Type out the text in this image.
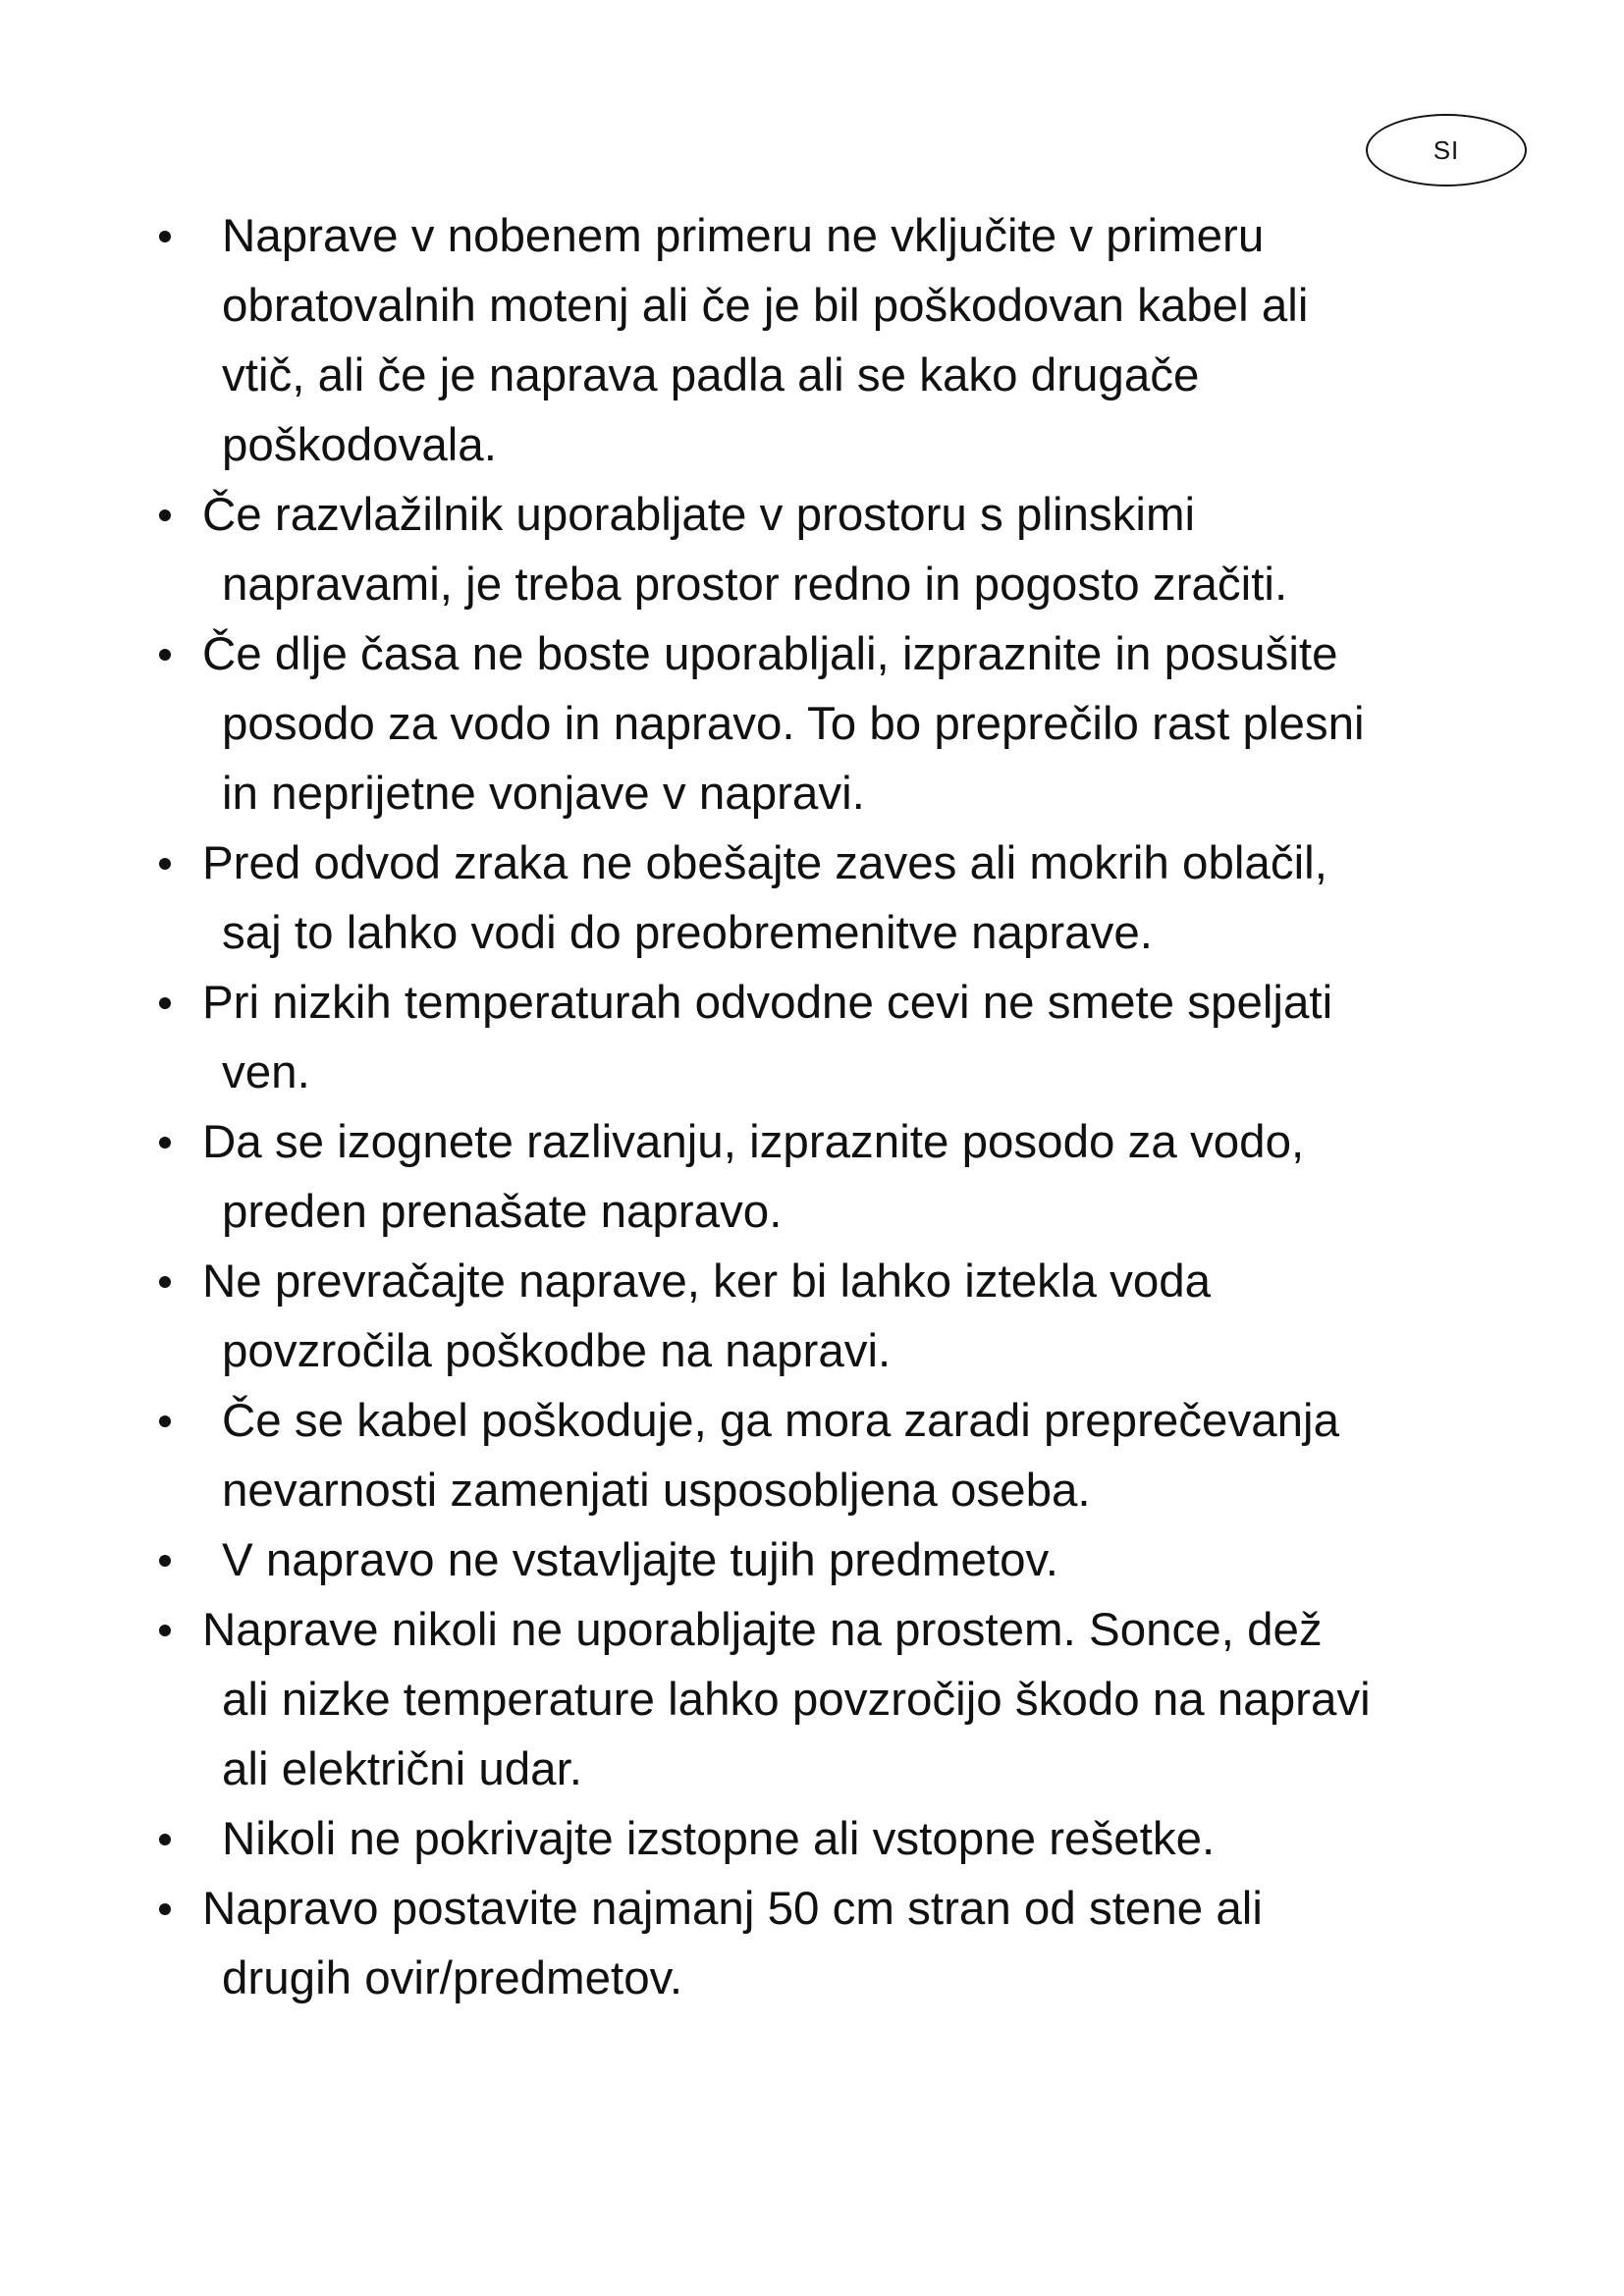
SI
Naprave v nobenem primeru ne vključite v primeru
obratovalnih motenj ali če je bil poškodovan kabel ali
vtič, ali če je naprava padla ali se kako drugače
poškodovala.
Če razvlažilnik uporabljate v prostoru s plinskimi
napravami, je treba prostor redno in pogosto zračiti.
Če dlje časa ne boste uporabljali, izpraznite in posušite
posodo za vodo in napravo. To bo preprečilo rast plesni
in neprijetne vonjave v napravi.
Pred odvod zraka ne obešajte zaves ali mokrih oblačil,
saj to lahko vodi do preobremenitve naprave.
Pri nizkih temperaturah odvodne cevi ne smete speljati
ven.
Da se izognete razlivanju, izpraznite posodo za vodo,
preden prenašate napravo.
Ne prevračajte naprave, ker bi lahko iztekla voda
povzročila poškodbe na napravi.
Če se kabel poškoduje, ga mora zaradi preprečevanja
nevarnosti zamenjati usposobljena oseba.
V napravo ne vstavljajte tujih predmetov.
Naprave nikoli ne uporabljajte na prostem. Sonce, dež
ali nizke temperature lahko povzročijo škodo na napravi
ali električni udar.
Nikoli ne pokrivajte izstopne ali vstopne rešetke.
Napravo postavite najmanj 50 cm stran od stene ali
drugih ovir/predmetov.
